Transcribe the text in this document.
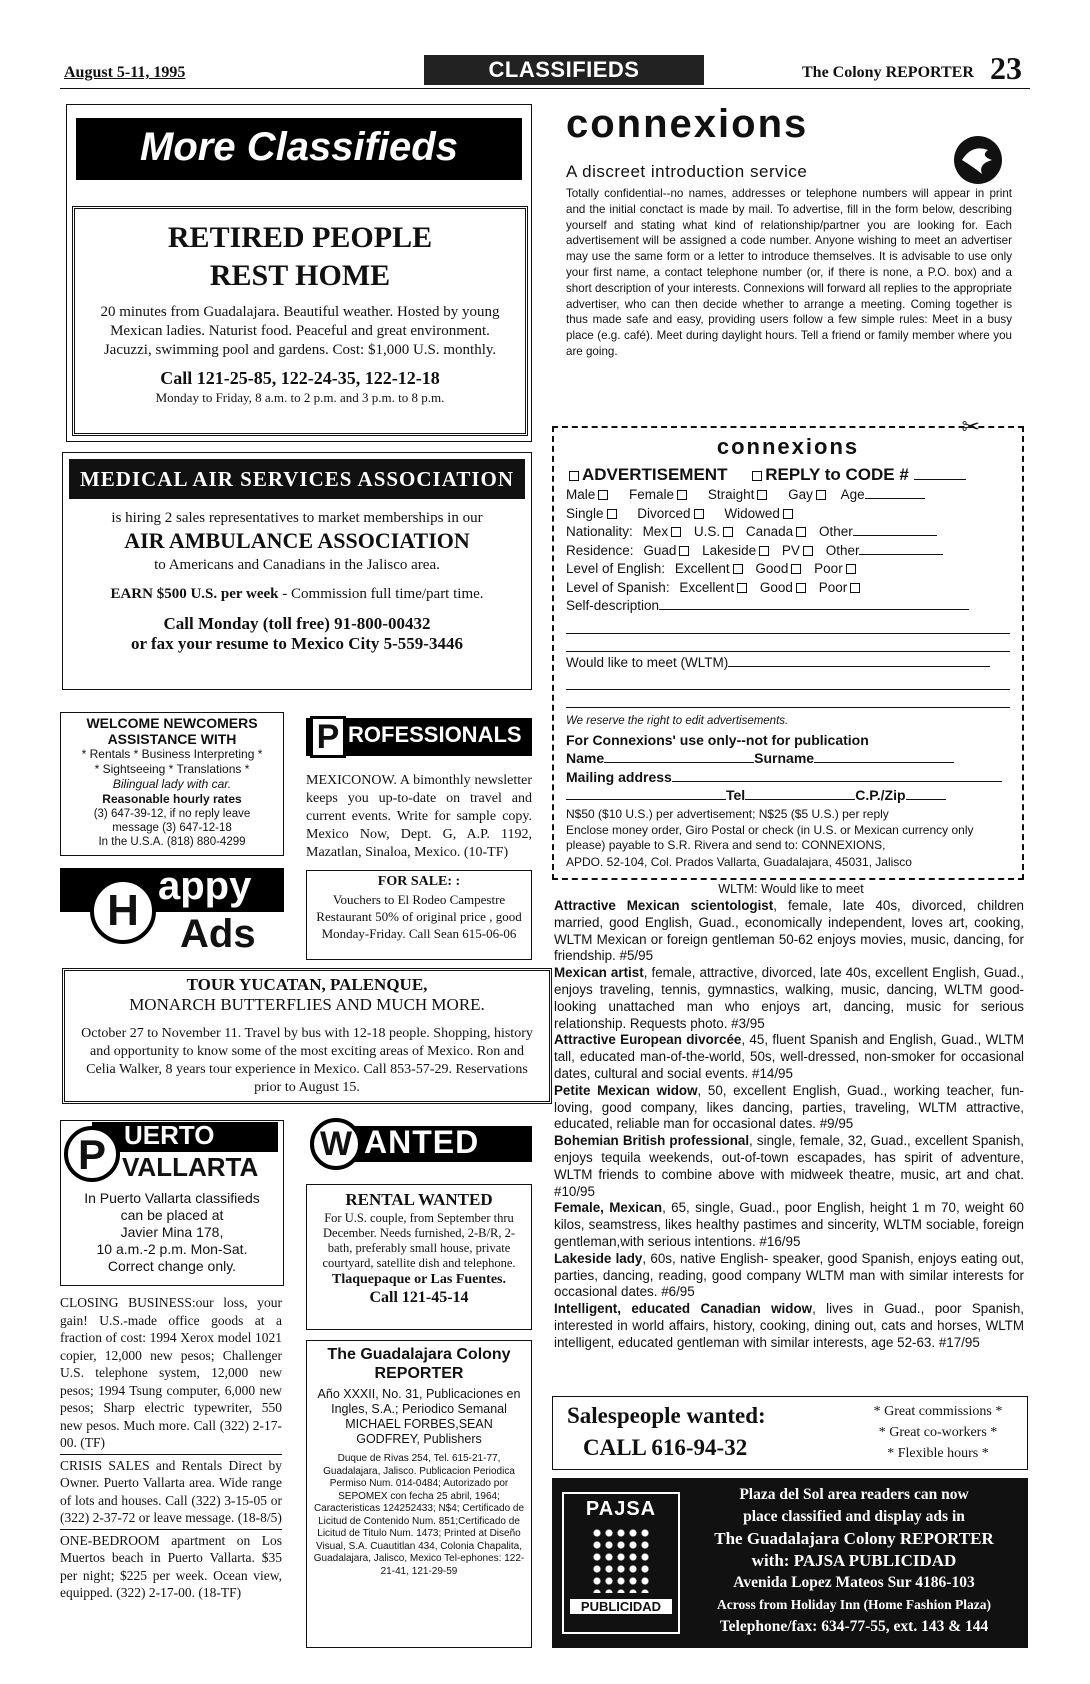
August 5-11, 1995	CLASSIFIEDS	The Colony REPORTER 23
More Classifieds
RETIRED PEOPLE
REST HOME
20 minutes from Guadalajara. Beautiful weather. Hosted by young Mexican ladies. Naturist food. Peaceful and great environment. Jacuzzi, swimming pool and gardens. Cost: $1,000 U.S. monthly.
Call 121-25-85, 122-24-35, 122-12-18
Monday to Friday, 8 a.m. to 2 p.m. and 3 p.m. to 8 p.m.
MEDICAL AIR SERVICES ASSOCIATION
is hiring 2 sales representatives to market memberships in our
AIR AMBULANCE ASSOCIATION
to Americans and Canadians in the Jalisco area.
EARN $500 U.S. per week - Commission full time/part time.
Call Monday (toll free) 91-800-00432
or fax your resume to Mexico City 5-559-3446
WELCOME NEWCOMERS
ASSISTANCE WITH
* Rentals * Business Interpreting *
* Sightseeing * Translations *
Bilingual lady with car.
Reasonable hourly rates
(3) 647-39-12, if no reply leave
message (3) 647-12-18
In the U.S.A. (818) 880-4299
H appy
Ads
TOUR YUCATAN, PALENQUE,
MONARCH BUTTERFLIES AND MUCH MORE.
October 27 to November 11. Travel by bus with 12-18 people. Shopping, history and opportunity to know some of the most exciting areas of Mexico. Ron and Celia Walker, 8 years tour experience in Mexico. Call 853-57-29. Reservations prior to August 15.
P UERTO
VALLARTA
In Puerto Vallarta classifieds
can be placed at
Javier Mina 178,
10 a.m.-2 p.m. Mon-Sat.
Correct change only.
CLOSING BUSINESS:our loss, your gain! U.S.-made office goods at a fraction of cost: 1994 Xerox model 1021 copier, 12,000 new pesos; Challenger U.S. telephone system, 12,000 new pesos; 1994 Tsung computer, 6,000 new pesos; Sharp electric typewriter, 550 new pesos. Much more. Call (322) 2-17-00. (TF)
CRISIS SALES and Rentals Direct by Owner. Puerto Vallarta area. Wide range of lots and houses. Call (322) 3-15-05 or (322) 2-37-72 or leave message. (18-8/5)
ONE-BEDROOM apartment on Los Muertos beach in Puerto Vallarta. $35 per night; $225 per week. Ocean view, equipped. (322) 2-17-00. (18-TF)
P ROFESSIONALS
MEXICONOW. A bimonthly newsletter keeps you up-to-date on travel and current events. Write for sample copy. Mexico Now, Dept. G, A.P. 1192, Mazatlan, Sinaloa, Mexico. (10-TF)
FOR SALE: :
Vouchers to El Rodeo Campestre Restaurant 50% of original price , good Monday-Friday. Call Sean 615-06-06
W ANTED
RENTAL WANTED
For U.S. couple, from September thru December. Needs furnished, 2-B/R, 2-bath, preferably small house, private courtyard, satellite dish and telephone.
Tlaquepaque or Las Fuentes.
Call 121-45-14
The Guadalajara Colony REPORTER
Año XXXII, No. 31, Publicaciones en Ingles, S.A.; Periodico Semanal
MICHAEL FORBES,SEAN GODFREY, Publishers
Duque de Rivas 254, Tel. 615-21-77, Guadalajara, Jalisco. Publicacion Periodica Permiso Num. 014-0484; Autorizado por SEPOMEX con fecha 25 abril, 1964; Caracteristicas 124252433; N$4; Certificado de Licitud de Contenido Num. 851;Certificado de Licitud de Titulo Num. 1473; Printed at Diseño Visual, S.A. Cuautitlan 434, Colonia Chapalita, Guadalajara, Jalisco, Mexico Tel-ephones: 122-21-41, 121-29-59
connexions
A discreet introduction service
Totally confidential--no names, addresses or telephone numbers will appear in print and the initial conctact is made by mail. To advertise, fill in the form below, describing yourself and stating what kind of relationship/partner you are looking for. Each advertisement will be assigned a code number. Anyone wishing to meet an advertiser may use the same form or a letter to introduce themselves. It is advisable to use only your first name, a contact telephone number (or, if there is none, a P.O. box) and a short description of your interests. Connexions will forward all replies to the appropriate advertiser, who can then decide whether to arrange a meeting. Coming together is thus made safe and easy, providing users follow a few simple rules: Meet in a busy place (e.g. café). Meet during daylight hours. Tell a friend or family member where you are going.
connexions
✂
ADVERTISEMENT REPLY to CODE #
Male	Female	Straight	Gay Age
Single	Divorced	Widowed
Nationality: Mex U.S. Canada Other
Residence: Guad Lakeside PV Other
Level of English: Excellent Good Poor
Level of Spanish: Excellent Good Poor
Self-description
Would like to meet (WLTM)
We reserve the right to edit advertisements.
For Connexions' use only--not for publication
Name	Surname
Mailing address
Tel	C.P./Zip
N$50 ($10 U.S.) per advertisement; N$25 ($5 U.S.) per reply
Enclose money order, Giro Postal or check (in U.S. or Mexican currency only please) payable to S.R. Rivera and send to: CONNEXIONS,
APDO. 52-104, Col. Prados Vallarta, Guadalajara, 45031, Jalisco
WLTM: Would like to meet
Attractive Mexican scientologist, female, late 40s, divorced, children married, good English, Guad., economically independent, loves art, cooking, WLTM Mexican or foreign gentleman 50-62 enjoys movies, music, dancing, for friendship. #5/95
Mexican artist, female, attractive, divorced, late 40s, excellent English, Guad., enjoys traveling, tennis, gymnastics, walking, music, dancing, WLTM good-looking unattached man who enjoys art, dancing, music for serious relationship. Requests photo. #3/95
Attractive European divorcée, 45, fluent Spanish and English, Guad., WLTM tall, educated man-of-the-world, 50s, well-dressed, non-smoker for occasional dates, cultural and social events. #14/95
Petite Mexican widow, 50, excellent English, Guad., working teacher, fun-loving, good company, likes dancing, parties, traveling, WLTM attractive, educated, reliable man for occasional dates. #9/95
Bohemian British professional, single, female, 32, Guad., excellent Spanish, enjoys tequila weekends, out-of-town escapades, has spirit of adventure, WLTM friends to combine above with midweek theatre, music, art and chat. #10/95
Female, Mexican, 65, single, Guad., poor English, height 1 m 70, weight 60 kilos, seamstress, likes healthy pastimes and sincerity, WLTM sociable, foreign gentleman,with serious intentions. #16/95
Lakeside lady, 60s, native English- speaker, good Spanish, enjoys eating out, parties, dancing, reading, good company WLTM man with similar interests for occasional dates. #6/95
Intelligent, educated Canadian widow, lives in Guad., poor Spanish, interested in world affairs, history, cooking, dining out, cats and horses, WLTM intelligent, educated gentleman with similar interests, age 52-63. #17/95
Salespeople wanted:
CALL 616-94-32
* Great commissions *
* Great co-workers *
* Flexible hours *
PAJSA
PUBLICIDAD
Plaza del Sol area readers can now
place classified and display ads in
The Guadalajara Colony REPORTER
with: PAJSA PUBLICIDAD
Avenida Lopez Mateos Sur 4186-103
Across from Holiday Inn (Home Fashion Plaza)
Telephone/fax: 634-77-55, ext. 143 & 144
